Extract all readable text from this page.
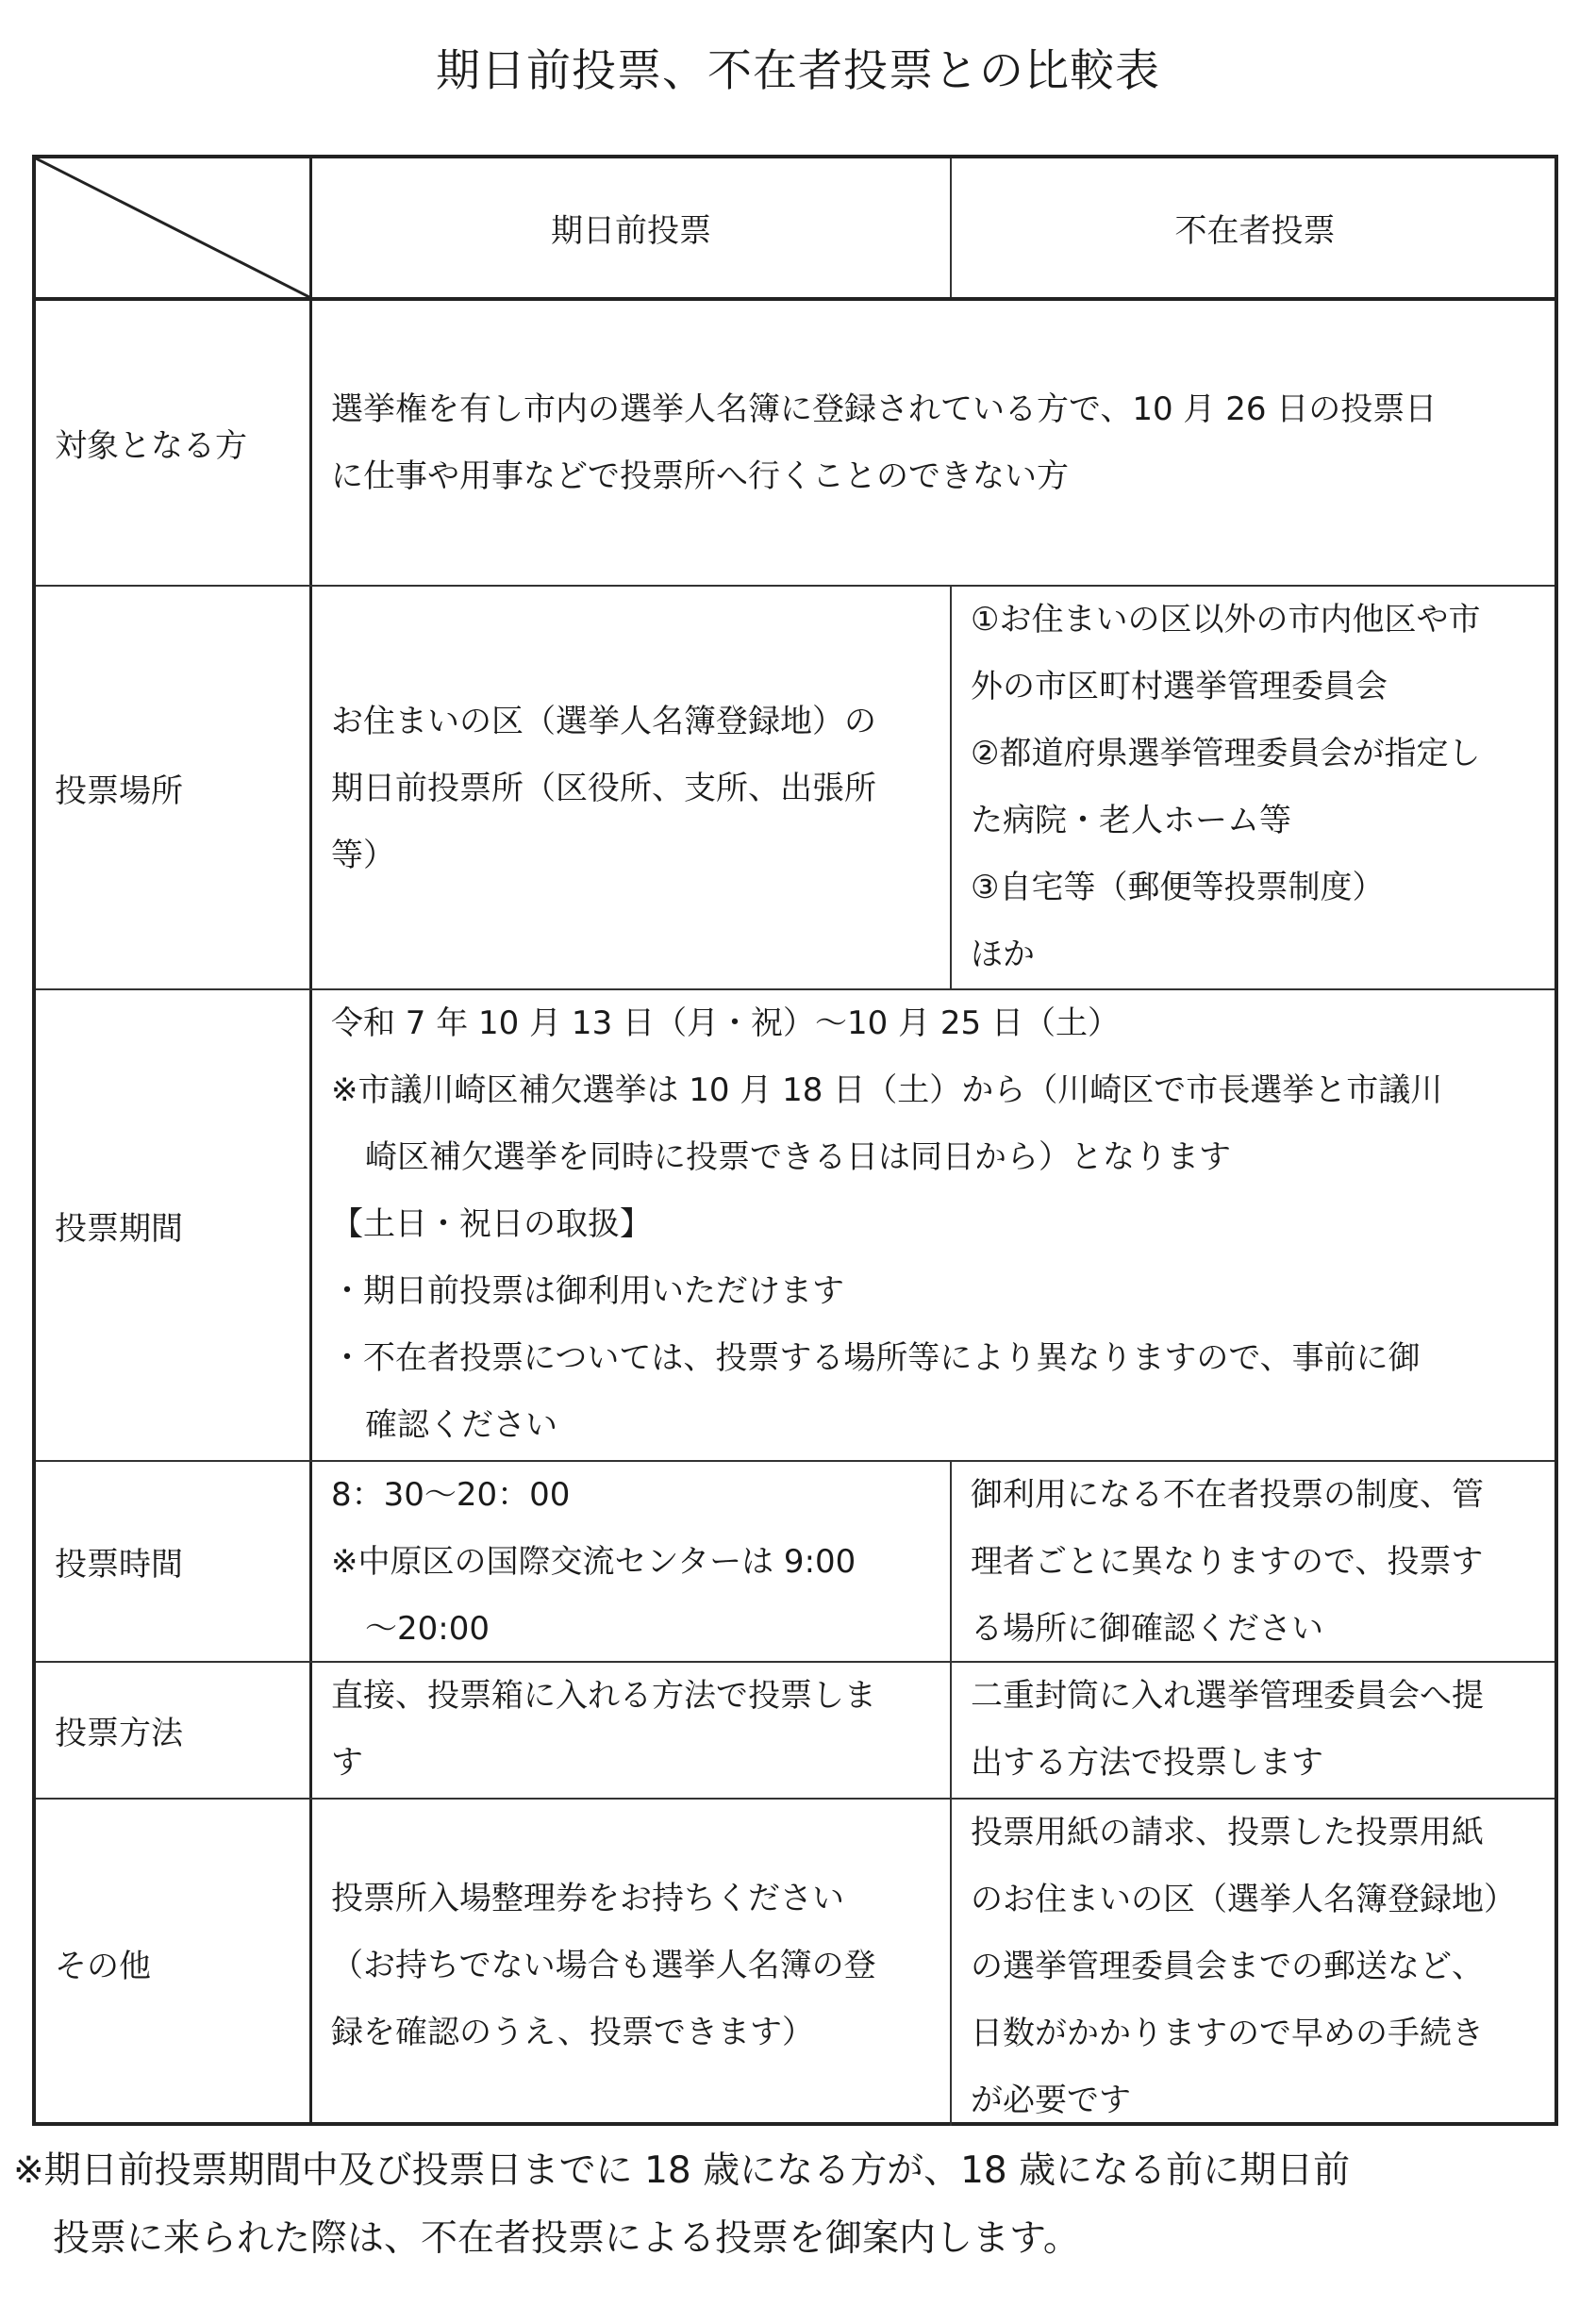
期日前投票、不在者投票との比較表
期日前投票	不在者投票
対象となる方

選挙権を有し市内の選挙人名簿に登録されている方で、10 月 26 日の投票日

に仕事や用事などで投票所へ行くことのできない方

投票場所

お住まいの区（選挙人名簿登録地）の

期日前投票所（区役所、支所、出張所

等）

①お住まいの区以外の市内他区や市

外の市区町村選挙管理委員会

②都道府県選挙管理委員会が指定し

た病院・老人ホーム等

③自宅等（郵便等投票制度）

ほか

投票期間

令和 7 年 10 月 13 日（月・祝）～10 月 25 日（土）

※市議川崎区補欠選挙は 10 月 18 日（土）から（川崎区で市長選挙と市議川

崎区補欠選挙を同時に投票できる日は同日から）となります

【土日・祝日の取扱】

・期日前投票は御利用いただけます

・不在者投票については、投票する場所等により異なりますので、事前に御

確認ください

投票時間

8：30～20：00

※中原区の国際交流センターは 9:00

～20:00

御利用になる不在者投票の制度、管

理者ごとに異なりますので、投票す

る場所に御確認ください

投票方法

直接、投票箱に入れる方法で投票しま

す

二重封筒に入れ選挙管理委員会へ提

出する方法で投票します

その他

投票所入場整理券をお持ちください

（お持ちでない場合も選挙人名簿の登

録を確認のうえ、投票できます）

投票用紙の請求、投票した投票用紙

のお住まいの区（選挙人名簿登録地）

の選挙管理委員会までの郵送など、

日数がかかりますので早めの手続き

が必要です

※期日前投票期間中及び投票日までに 18 歳になる方が、18 歳になる前に期日前

投票に来られた際は、不在者投票による投票を御案内します。
